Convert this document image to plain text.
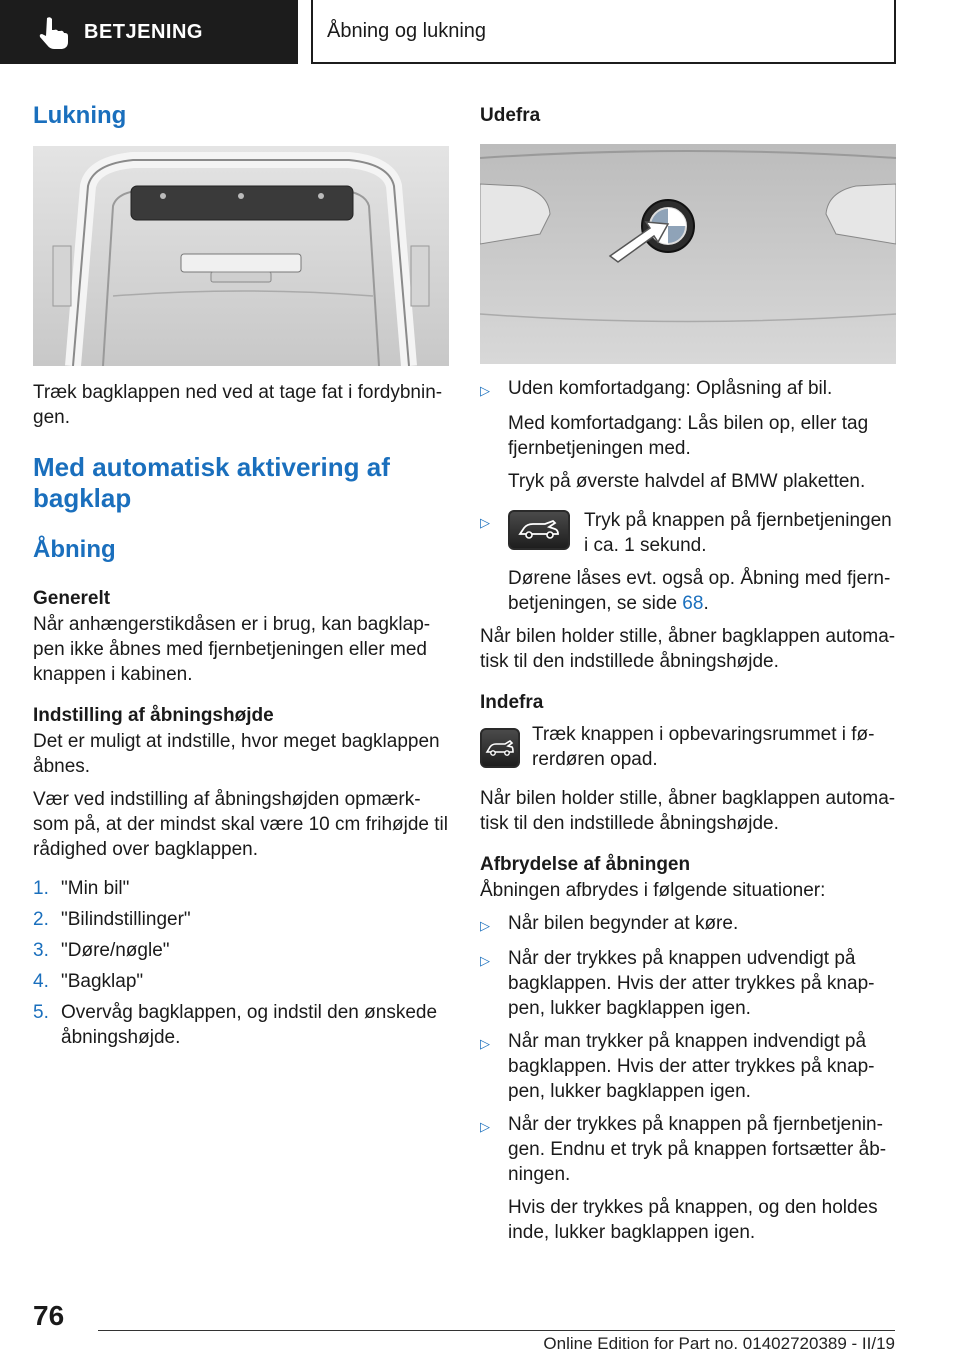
BETJENING	Åbning og lukning
Lukning
Træk bagklappen ned ved at tage fat i fordybnin-gen.
Med automatisk aktivering af bagklap
Åbning
Generelt
Når anhængerstikdåsen er i brug, kan bagklap-pen ikke åbnes med fjernbetjeningen eller med knappen i kabinen.
Indstilling af åbningshøjde
Det er muligt at indstille, hvor meget bagklappen åbnes.
Vær ved indstilling af åbningshøjden opmærk-som på, at der mindst skal være 10 cm frihøjde til rådighed over bagklappen.
1. "Min bil"
2. "Bilindstillinger"
3. "Døre/nøgle"
4. "Bagklap"
5. Overvåg bagklappen, og indstil den ønskede åbningshøjde.
Udefra
▷ Uden komfortadgang: Oplåsning af bil.
Med komfortadgang: Lås bilen op, eller tag fjernbetjeningen med.
Tryk på øverste halvdel af BMW plaketten.
▷	Tryk på knappen på fjernbetjeningen i ca. 1 sekund.
Dørene låses evt. også op. Åbning med fjern-betjeningen, se side 68.
Når bilen holder stille, åbner bagklappen automa-tisk til den indstillede åbningshøjde.
Indefra
Træk knappen i opbevaringsrummet i fø-rerdøren opad.
Når bilen holder stille, åbner bagklappen automa-tisk til den indstillede åbningshøjde.
Afbrydelse af åbningen
Åbningen afbrydes i følgende situationer:
▷ Når bilen begynder at køre.
▷ Når der trykkes på knappen udvendigt på bagklappen. Hvis der atter trykkes på knap-pen, lukker bagklappen igen.
▷ Når man trykker på knappen indvendigt på bagklappen. Hvis der atter trykkes på knap-pen, lukker bagklappen igen.
▷ Når der trykkes på knappen på fjernbetjenin-gen. Endnu et tryk på knappen fortsætter åb-ningen.
Hvis der trykkes på knappen, og den holdes inde, lukker bagklappen igen.
76
Online Edition for Part no. 01402720389 - II/19
